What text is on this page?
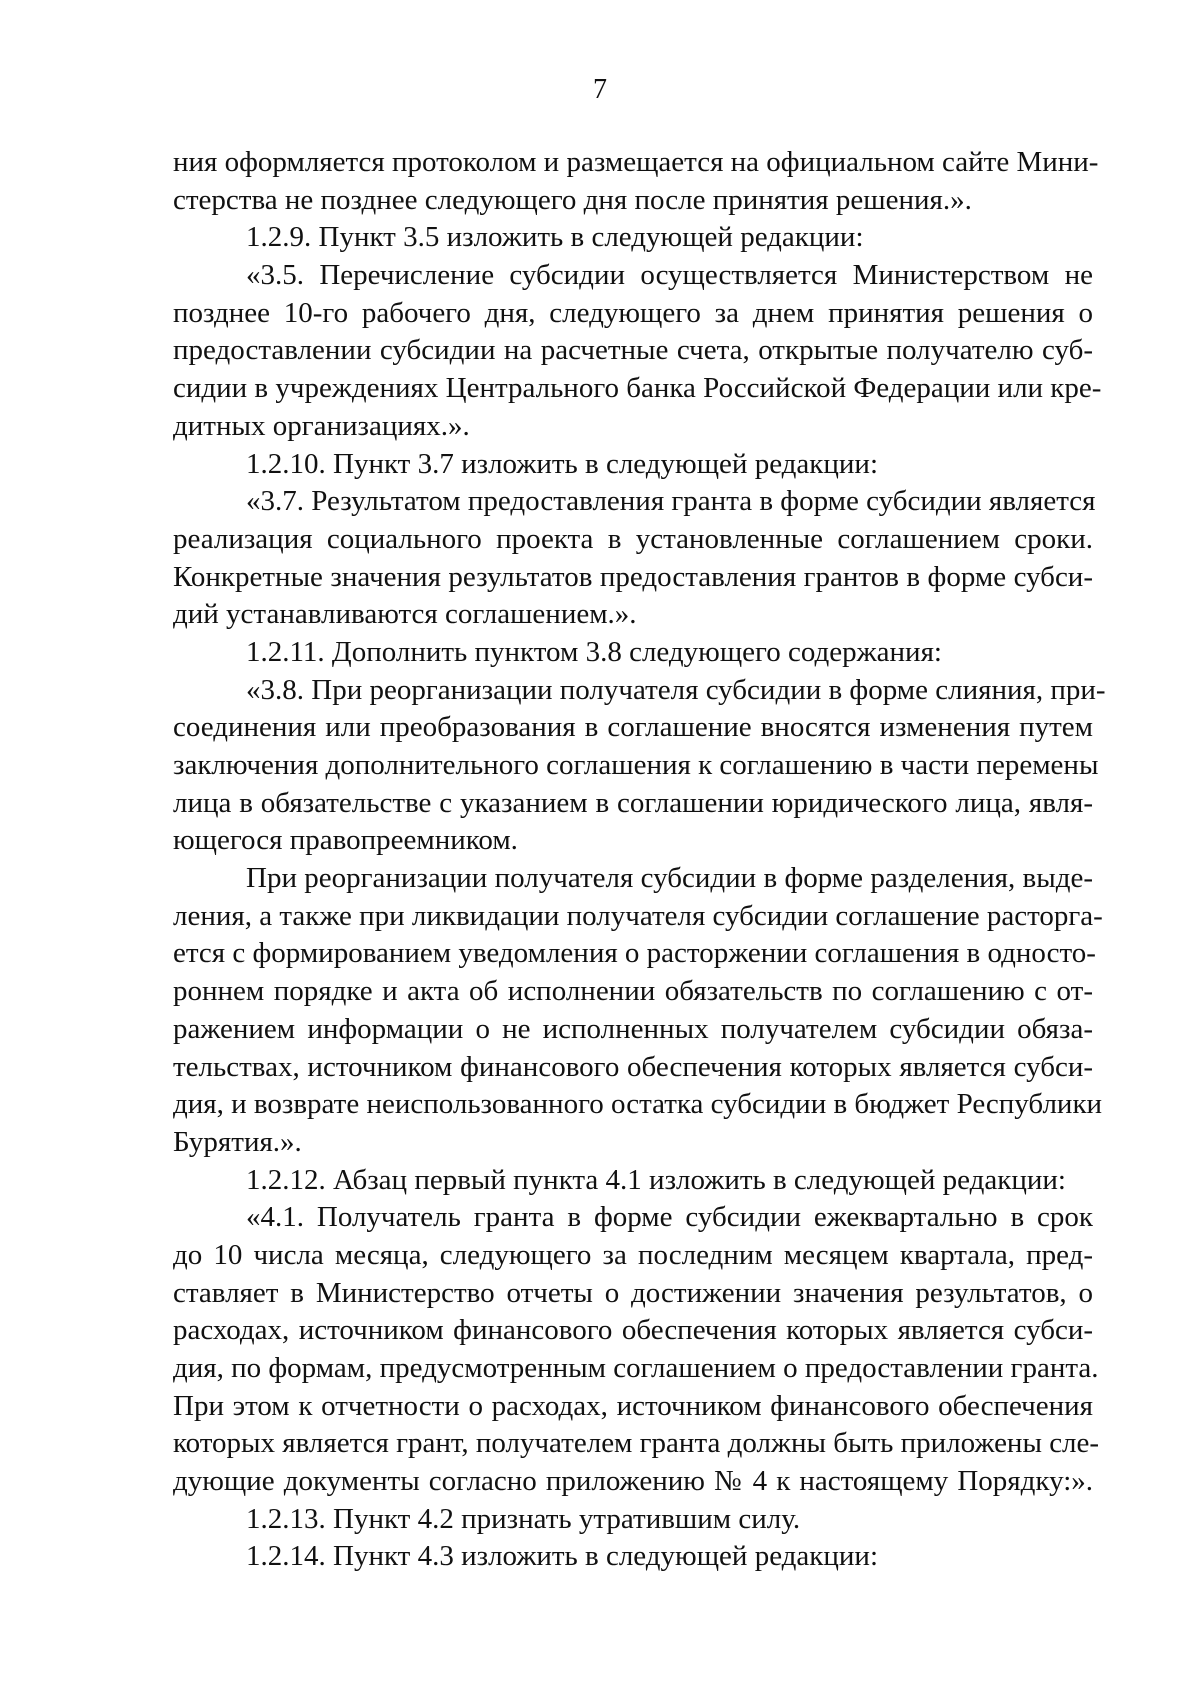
7
ния оформляется протоколом и размещается на официальном сайте Мини-
стерства не позднее следующего дня после принятия решения.».
1.2.9. Пункт 3.5 изложить в следующей редакции:
«3.5. Перечисление субсидии осуществляется Министерством не
позднее 10-го рабочего дня, следующего за днем принятия решения о
предоставлении субсидии на расчетные счета, открытые получателю суб-
сидии в учреждениях Центрального банка Российской Федерации или кре-
дитных организациях.».
1.2.10. Пункт 3.7 изложить в следующей редакции:
«3.7. Результатом предоставления гранта в форме субсидии является
реализация социального проекта в установленные соглашением сроки.
Конкретные значения результатов предоставления грантов в форме субси-
дий устанавливаются соглашением.».
1.2.11. Дополнить пунктом 3.8 следующего содержания:
«3.8. При реорганизации получателя субсидии в форме слияния, при-
соединения или преобразования в соглашение вносятся изменения путем
заключения дополнительного соглашения к соглашению в части перемены
лица в обязательстве с указанием в соглашении юридического лица, явля-
ющегося правопреемником.
При реорганизации получателя субсидии в форме разделения, выде-
ления, а также при ликвидации получателя субсидии соглашение расторга-
ется с формированием уведомления о расторжении соглашения в односто-
роннем порядке и акта об исполнении обязательств по соглашению с от-
ражением информации о не исполненных получателем субсидии обяза-
тельствах, источником финансового обеспечения которых является субси-
дия, и возврате неиспользованного остатка субсидии в бюджет Республики
Бурятия.».
1.2.12. Абзац первый пункта 4.1 изложить в следующей редакции:
«4.1. Получатель гранта в форме субсидии ежеквартально в срок
до 10 числа месяца, следующего за последним месяцем квартала, пред-
ставляет в Министерство отчеты о достижении значения результатов, о
расходах, источником финансового обеспечения которых является субси-
дия, по формам, предусмотренным соглашением о предоставлении гранта.
При этом к отчетности о расходах, источником финансового обеспечения
которых является грант, получателем гранта должны быть приложены сле-
дующие документы согласно приложению № 4 к настоящему Порядку:».
1.2.13. Пункт 4.2 признать утратившим силу.
1.2.14. Пункт 4.3 изложить в следующей редакции:
